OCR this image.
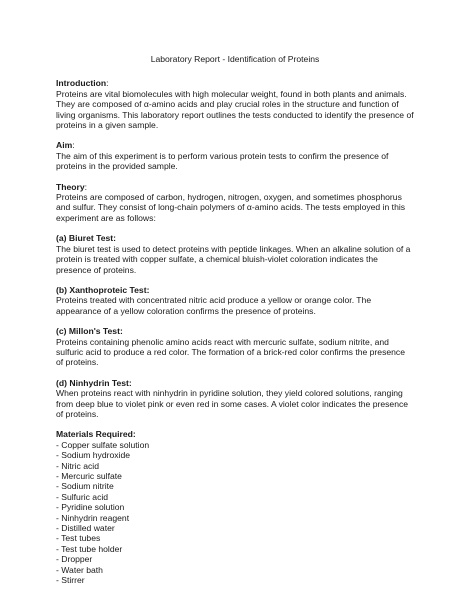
Laboratory Report - Identification of Proteins
Introduction:

Proteins are vital biomolecules with high molecular weight, found in both plants and animals. They are composed of α-amino acids and play crucial roles in the structure and function of living organisms. This laboratory report outlines the tests conducted to identify the presence of proteins in a given sample.

Aim:

The aim of this experiment is to perform various protein tests to confirm the presence of proteins in the provided sample.

Theory:

Proteins are composed of carbon, hydrogen, nitrogen, oxygen, and sometimes phosphorus and sulfur. They consist of long-chain polymers of α-amino acids. The tests employed in this experiment are as follows:

(a) Biuret Test:

The biuret test is used to detect proteins with peptide linkages. When an alkaline solution of a protein is treated with copper sulfate, a chemical bluish-violet coloration indicates the presence of proteins.

(b) Xanthoproteic Test:

Proteins treated with concentrated nitric acid produce a yellow or orange color. The appearance of a yellow coloration confirms the presence of proteins.

(c) Millon's Test:

Proteins containing phenolic amino acids react with mercuric sulfate, sodium nitrite, and sulfuric acid to produce a red color. The formation of a brick-red color confirms the presence of proteins.

(d) Ninhydrin Test:

When proteins react with ninhydrin in pyridine solution, they yield colored solutions, ranging from deep blue to violet pink or even red in some cases. A violet color indicates the presence of proteins.

Materials Required:
- Copper sulfate solution
- Sodium hydroxide
- Nitric acid
- Mercuric sulfate
- Sodium nitrite
- Sulfuric acid
- Pyridine solution
- Ninhydrin reagent
- Distilled water
- Test tubes
- Test tube holder
- Dropper
- Water bath
- Stirrer
